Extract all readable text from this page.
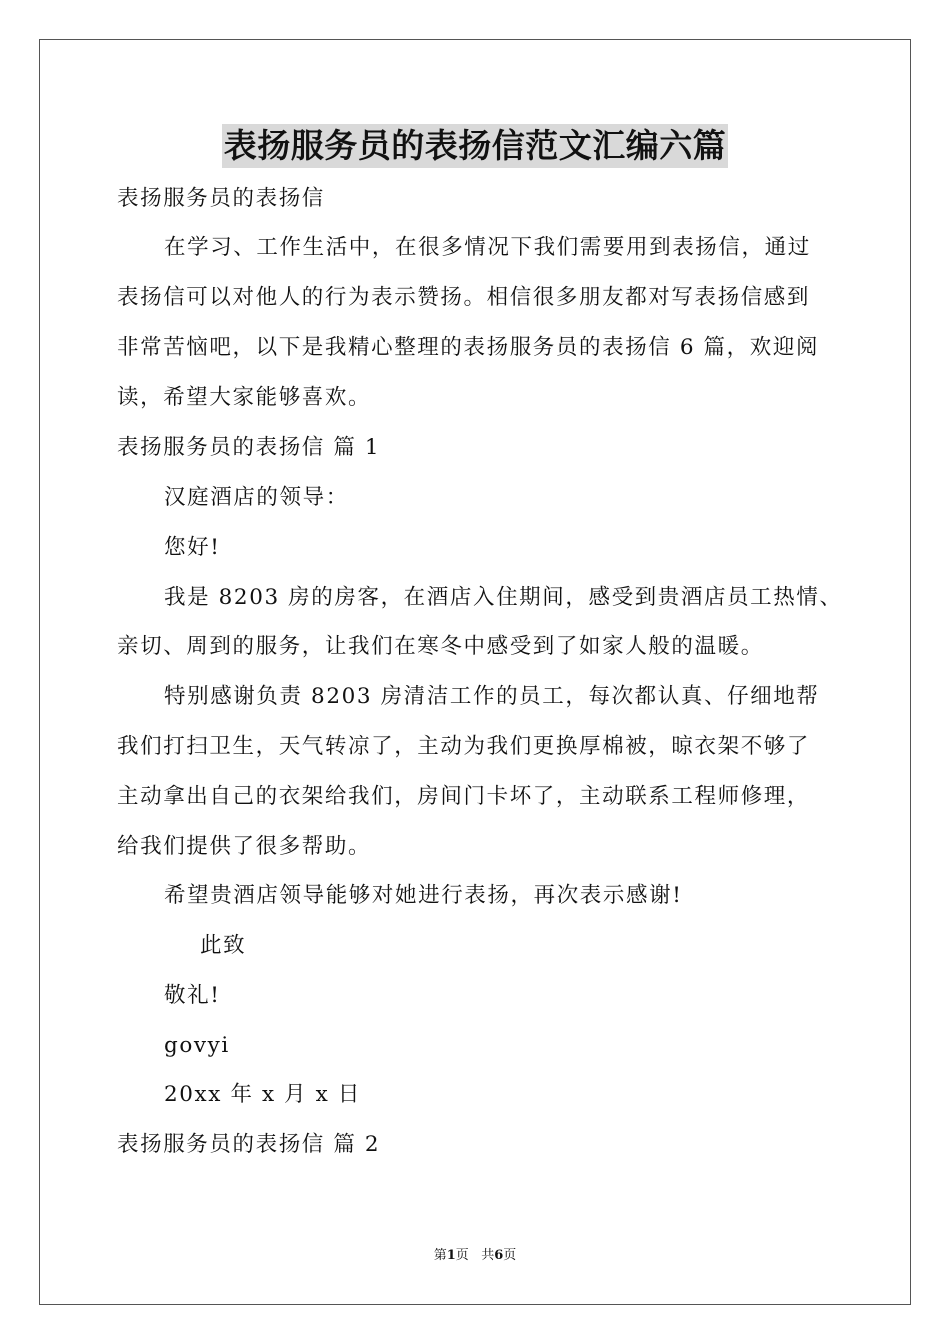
表扬服务员的表扬信范文汇编六篇
表扬服务员的表扬信
在学习、工作生活中，在很多情况下我们需要用到表扬信，通过
表扬信可以对他人的行为表示赞扬。相信很多朋友都对写表扬信感到
非常苦恼吧，以下是我精心整理的表扬服务员的表扬信 6 篇，欢迎阅
读，希望大家能够喜欢。
表扬服务员的表扬信 篇 1
汉庭酒店的领导：
您好!
我是 8203 房的房客，在酒店入住期间，感受到贵酒店员工热情、
亲切、周到的服务，让我们在寒冬中感受到了如家人般的温暖。
特别感谢负责 8203 房清洁工作的员工，每次都认真、仔细地帮
我们打扫卫生，天气转凉了，主动为我们更换厚棉被，晾衣架不够了
主动拿出自己的衣架给我们，房间门卡坏了，主动联系工程师修理，
给我们提供了很多帮助。
希望贵酒店领导能够对她进行表扬，再次表示感谢!
此致
敬礼!
govyi
20xx 年 x 月 x 日
表扬服务员的表扬信 篇 2
第1页   共6页
